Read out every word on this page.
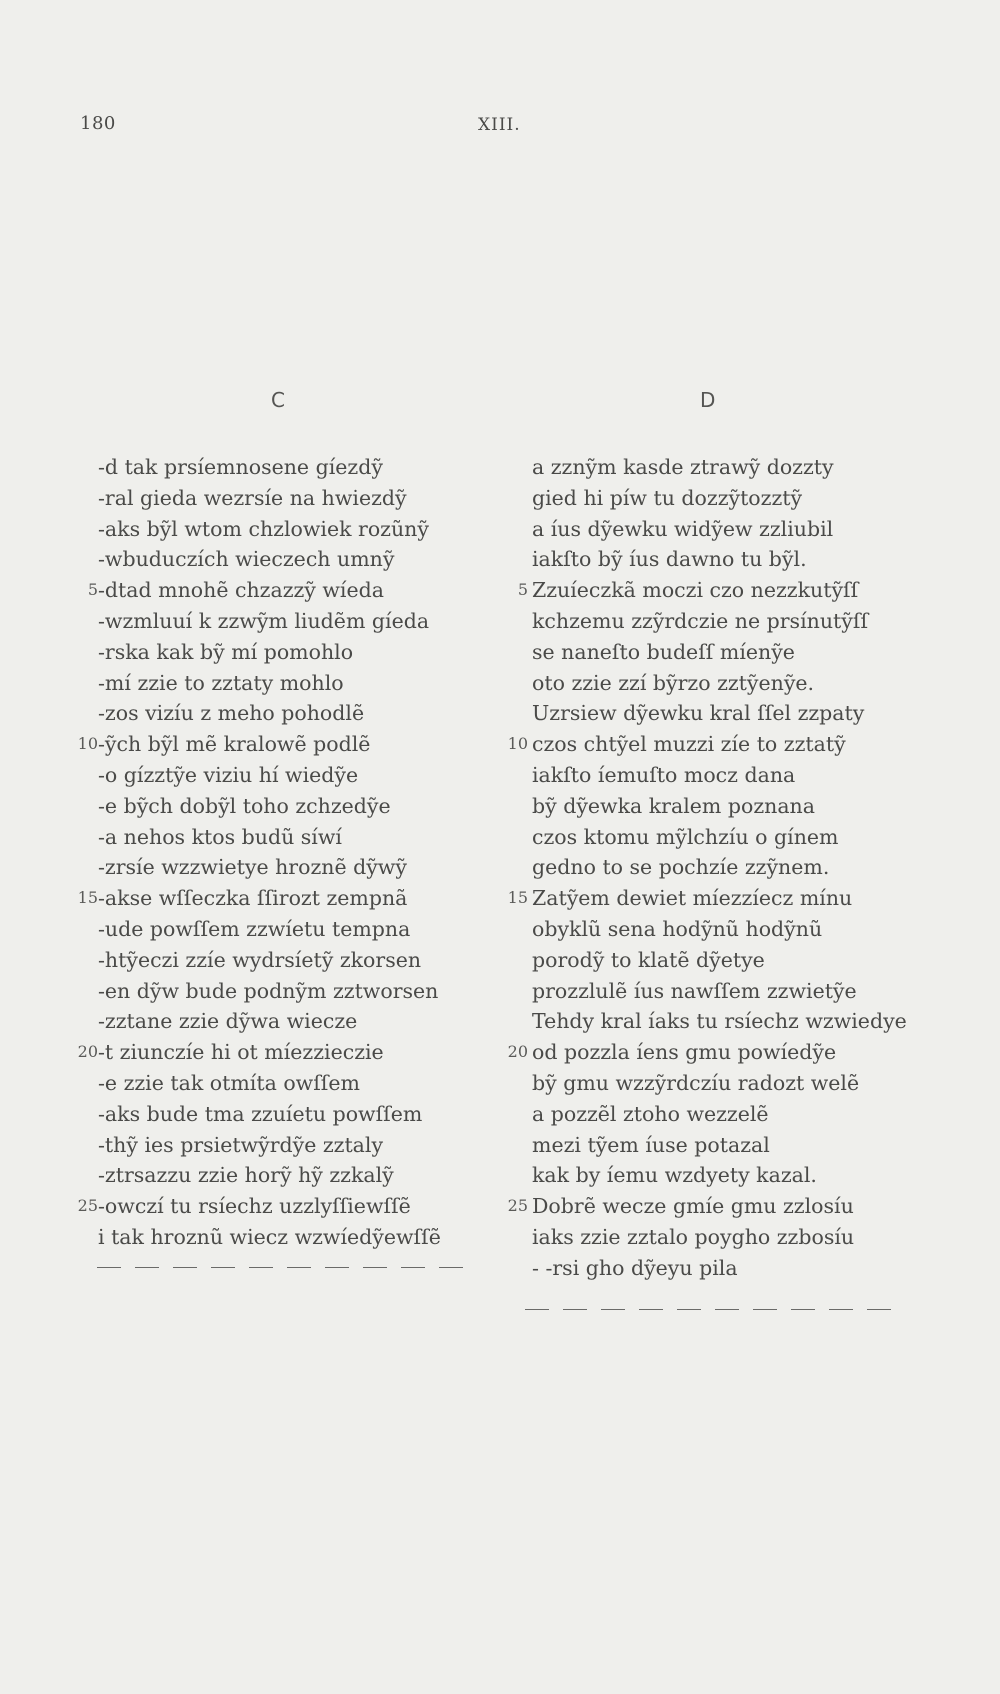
180	XIII.
C	D
-d tak prsíemnosene gíezdỹ
-ral gieda wezrsíe na hwiezdỹ
-aks bỹl wtom chzlowiek rozũnỹ
-wbuduczích wieczech umnỹ
5 -dtad mnohẽ chzazzỹ wíeda
-wzmluuí k zzwỹm liudẽm gíeda
-rska kak bỹ mí pomohlo
-mí zzie to zztaty mohlo
-zos vizíu z meho pohodlẽ
10 -ỹch bỹl mẽ kralowẽ podlẽ
-o gízztỹe viziu hí wiedỹe
-e bỹch dobỹl toho zchzedỹe
-a nehos ktos budũ síwí
-zrsíe wzzwietye hroznẽ dỹwỹ
15 -akse wſſeczka ſſirozt zempnã
-ude powſſem zzwíetu tempna
-htỹeczi zzíe wydrsíetỹ zkorsen
-en dỹw bude podnỹm zztworsen
-zztane zzie dỹwa wiecze
20 -t ziunczíe hi ot míezzieczie
-e zzie tak otmíta owſſem
-aks bude tma zzuíetu powſſem
-thỹ ies prsietwỹrdỹe zztaly
-ztrsazzu zzie horỹ hỹ zzkalỹ
25 -owczí tu rsíechz uzzlyſſiewſſẽ
i tak hroznũ wiecz wzwíedỹewſſẽ
a zznỹm kasde ztrawỹ dozzty
gied hi píw tu dozzỹtozztỹ
a íus dỹewku widỹew zzliubil
iakſto bỹ íus dawno tu bỹl.
5 Zzuíeczkã moczi czo nezzkutỹſſ
kchzemu zzỹrdczie ne prsínutỹſſ
se naneſto budeſſ míenỹe
oto zzie zzí bỹrzo zztỹenỹe.
Uzrsiew dỹewku kral ſſel zzpaty
10 czos chtỹel muzzi zíe to zztatỹ
iakſto íemuſto mocz dana
bỹ dỹewka kralem poznana
czos ktomu mỹlchzíu o gínem
gedno to se pochzíe zzỹnem.
15 Zatỹem dewiet míezzíecz mínu
obyklũ sena hodỹnũ hodỹnũ
porodỹ to klatẽ dỹetye
prozzlulẽ íus nawſſem zzwietỹe
Tehdy kral íaks tu rsíechz wzwiedye
20 od pozzla íens gmu powíedỹe
bỹ gmu wzzỹrdczíu radozt welẽ
a pozzẽl ztoho wezzelẽ
mezi tỹem íuse potazal
kak by íemu wzdyety kazal.
25 Dobrẽ wecze gmíe gmu zzlosíu
iaks zzie zztalo poygho zzbosíu
- -rsi gho dỹeyu pila
